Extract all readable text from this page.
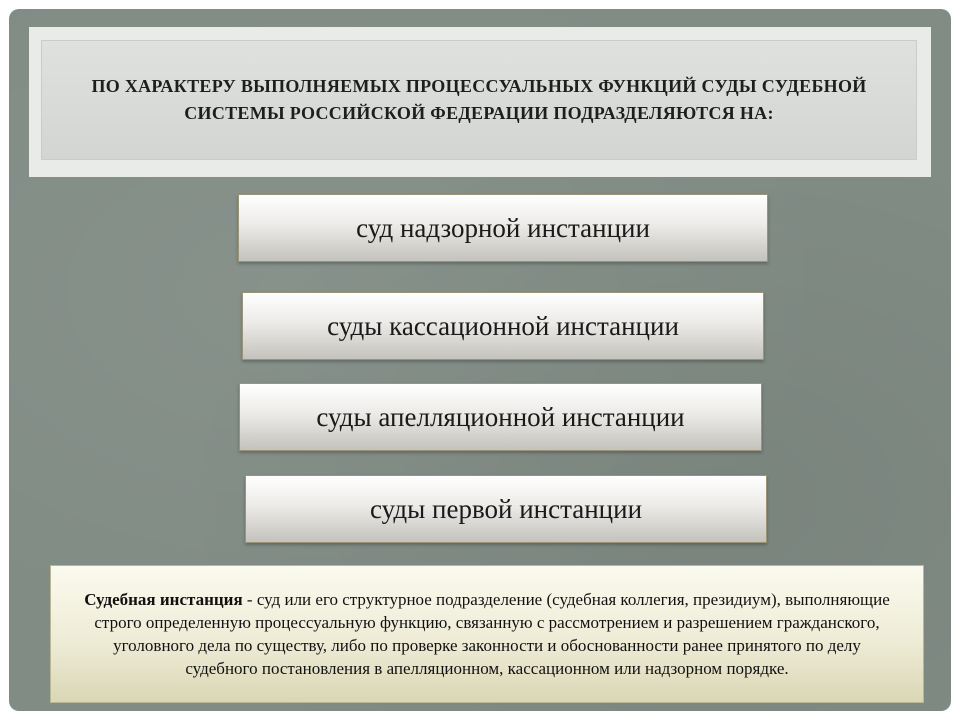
ПО ХАРАКТЕРУ ВЫПОЛНЯЕМЫХ ПРОЦЕССУАЛЬНЫХ ФУНКЦИЙ СУДЫ СУДЕБНОЙ СИСТЕМЫ РОССИЙСКОЙ ФЕДЕРАЦИИ ПОДРАЗДЕЛЯЮТСЯ НА:
суд надзорной инстанции
суды кассационной инстанции
суды апелляционной инстанции
суды первой инстанции
Судебная инстанция - суд или его структурное подразделение (судебная коллегия, президиум), выполняющие строго определенную процессуальную функцию, связанную с рассмотрением и разрешением гражданского, уголовного дела по существу, либо по проверке законности и обоснованности ранее принятого по делу судебного постановления в апелляционном, кассационном или надзорном порядке.
